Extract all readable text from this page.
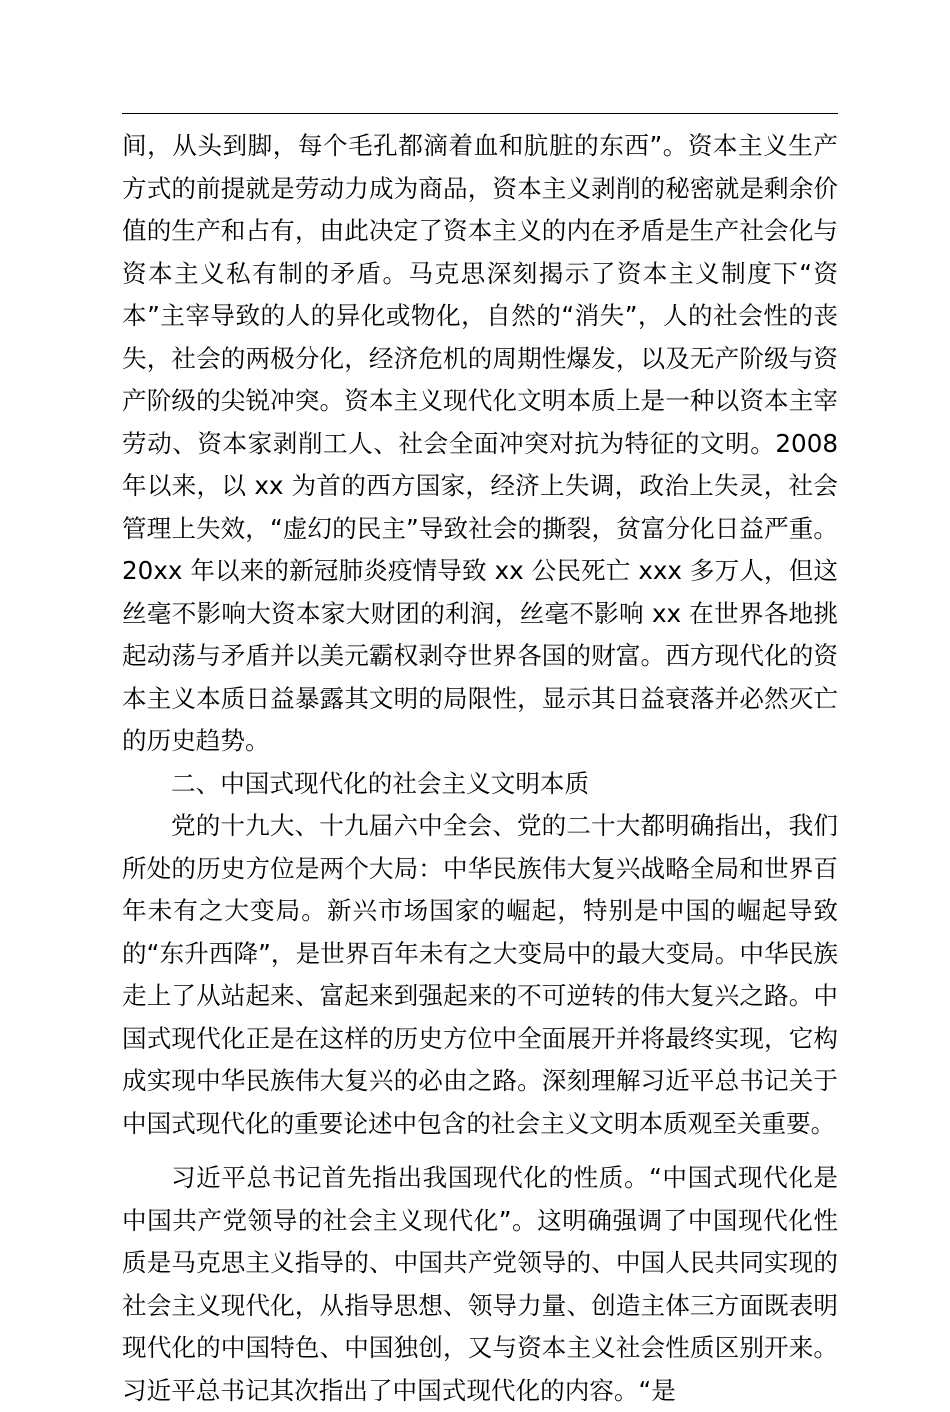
间，从头到脚，每个毛孔都滴着血和肮脏的东西”。资本主义生产方式的前提就是劳动力成为商品，资本主义剥削的秘密就是剩余价值的生产和占有，由此决定了资本主义的内在矛盾是生产社会化与资本主义私有制的矛盾。马克思深刻揭示了资本主义制度下“资本”主宰导致的人的异化或物化，自然的“消失”，人的社会性的丧失，社会的两极分化，经济危机的周期性爆发，以及无产阶级与资产阶级的尖锐冲突。资本主义现代化文明本质上是一种以资本主宰劳动、资本家剥削工人、社会全面冲突对抗为特征的文明。2008 年以来，以 xx 为首的西方国家，经济上失调，政治上失灵，社会管理上失效，“虚幻的民主”导致社会的撕裂，贫富分化日益严重。20xx 年以来的新冠肺炎疫情导致 xx 公民死亡 xxx 多万人，但这丝毫不影响大资本家大财团的利润，丝毫不影响 xx 在世界各地挑起动荡与矛盾并以美元霸权剥夺世界各国的财富。西方现代化的资本主义本质日益暴露其文明的局限性，显示其日益衰落并必然灭亡的历史趋势。

二、中国式现代化的社会主义文明本质

党的十九大、十九届六中全会、党的二十大都明确指出，我们所处的历史方位是两个大局：中华民族伟大复兴战略全局和世界百年未有之大变局。新兴市场国家的崛起，特别是中国的崛起导致的“东升西降”，是世界百年未有之大变局中的最大变局。中华民族走上了从站起来、富起来到强起来的不可逆转的伟大复兴之路。中国式现代化正是在这样的历史方位中全面展开并将最终实现，它构成实现中华民族伟大复兴的必由之路。深刻理解习近平总书记关于中国式现代化的重要论述中包含的社会主义文明本质观至关重要。

习近平总书记首先指出我国现代化的性质。“中国式现代化是中国共产党领导的社会主义现代化”。这明确强调了中国现代化性质是马克思主义指导的、中国共产党领导的、中国人民共同实现的社会主义现代化，从指导思想、领导力量、创造主体三方面既表明现代化的中国特色、中国独创，又与资本主义社会性质区别开来。习近平总书记其次指出了中国式现代化的内容。“是
